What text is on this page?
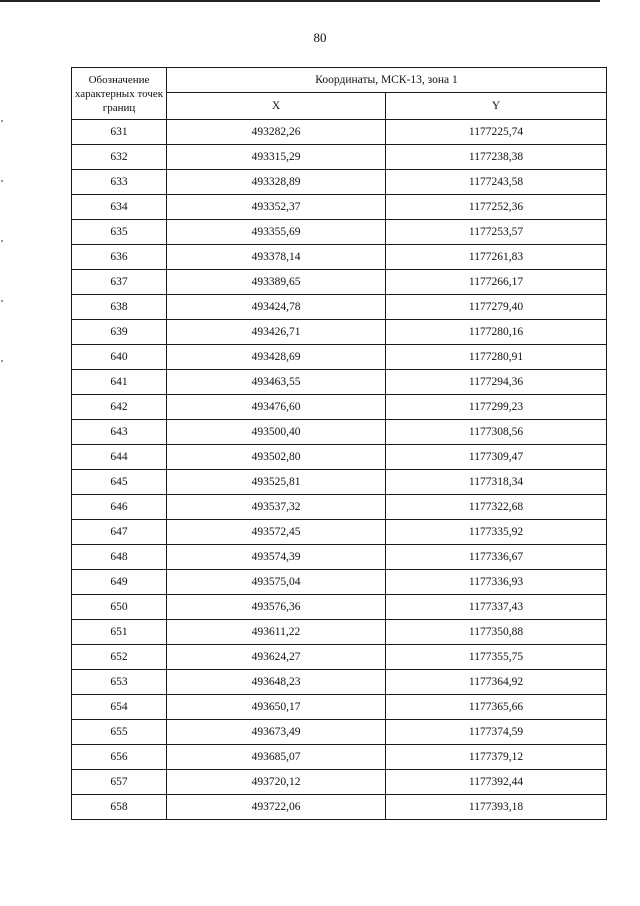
80
Обозначение характерных точек границ	Координаты, МСК-13, зона 1	
	X	Y
631	493282,26	1177225,74
632	493315,29	1177238,38
633	493328,89	1177243,58
634	493352,37	1177252,36
635	493355,69	1177253,57
636	493378,14	1177261,83
637	493389,65	1177266,17
638	493424,78	1177279,40
639	493426,71	1177280,16
640	493428,69	1177280,91
641	493463,55	1177294,36
642	493476,60	1177299,23
643	493500,40	1177308,56
644	493502,80	1177309,47
645	493525,81	1177318,34
646	493537,32	1177322,68
647	493572,45	1177335,92
648	493574,39	1177336,67
649	493575,04	1177336,93
650	493576,36	1177337,43
651	493611,22	1177350,88
652	493624,27	1177355,75
653	493648,23	1177364,92
654	493650,17	1177365,66
655	493673,49	1177374,59
656	493685,07	1177379,12
657	493720,12	1177392,44
658	493722,06	1177393,18
